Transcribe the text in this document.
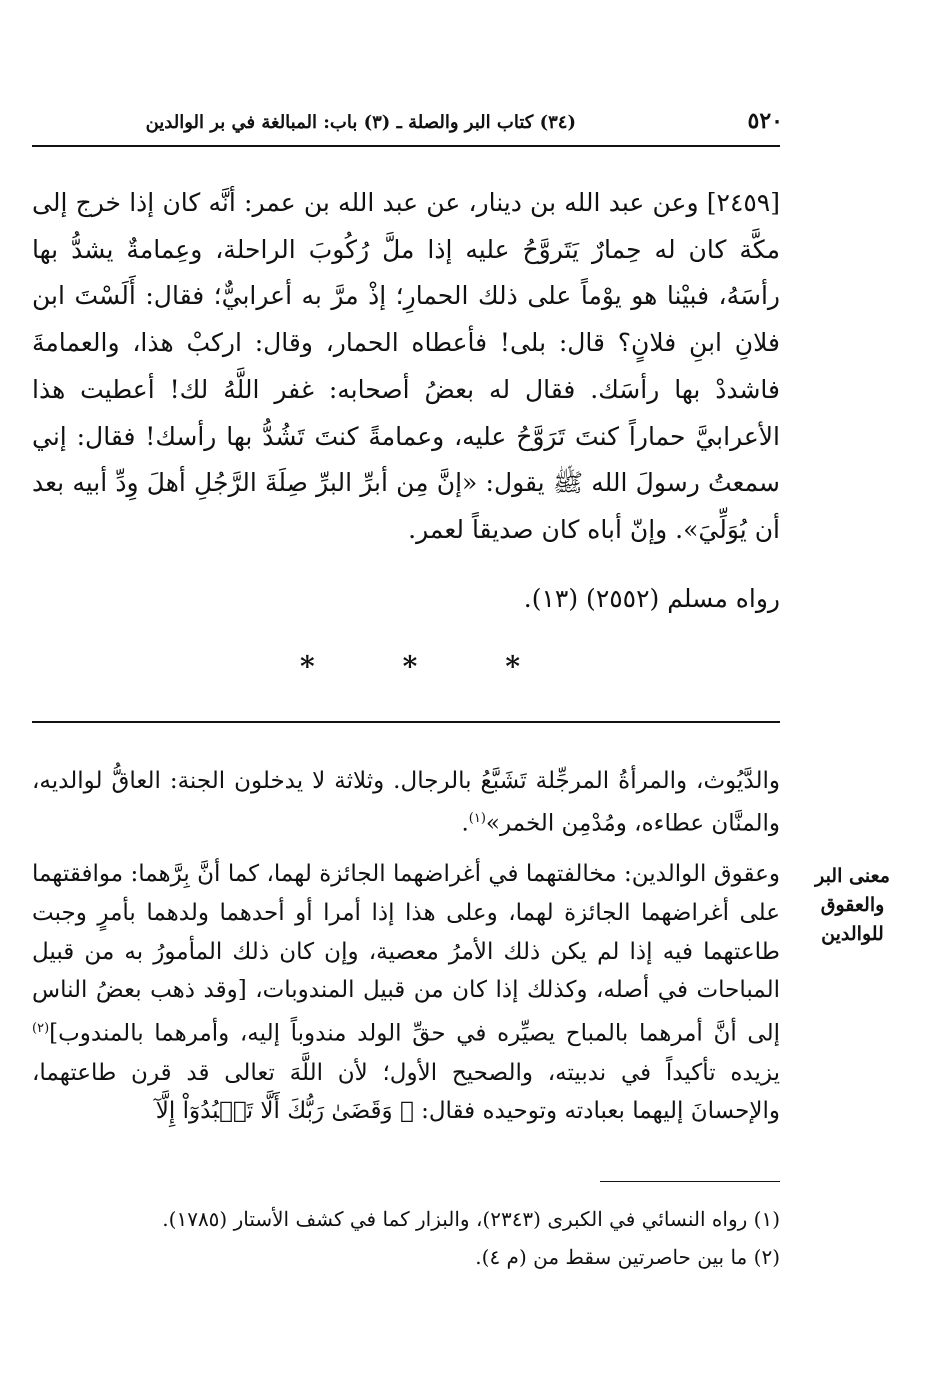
٥٢٠
(٣٤) كتاب البر والصلة ـ (٣) باب: المبالغة في بر الوالدين
[٢٤٥٩] وعن عبد الله بن دينار، عن عبد الله بن عمر: أنَّه كان إذا خرج إلى مكَّة كان له حِمارٌ يَتَروَّحُ عليه إذا ملَّ رُكُوبَ الراحلة، وعِمامةٌ يشدُّ بها رأسَهُ، فبيْنا هو يوْماً على ذلك الحمارِ؛ إذْ مرَّ به أعرابيٌّ؛ فقال: أَلَسْتَ ابن فلانِ ابنِ فلانٍ؟ قال: بلى! فأعطاه الحمار، وقال: اركبْ هذا، والعمامةَ فاشددْ بها رأسَك. فقال له بعضُ أصحابه: غفر اللَّهُ لك! أعطيت هذا الأعرابيَّ حماراً كنتَ تَرَوَّحُ عليه، وعمامةً كنتَ تَشُدُّ بها رأسك! فقال: إني سمعتُ رسولَ الله ﷺ يقول: «إنَّ مِن أبرِّ البرِّ صِلَةَ الرَّجُلِ أهلَ وِدِّ أبيه بعد أن يُوَلِّيَ». وإنّ أباه كان صديقاً لعمر.
رواه مسلم (٢٥٥٢) (١٣).
*	*	*
والدَّيُوث، والمرأةُ المرجِّلة تَشَبَّعُ بالرجال. وثلاثة لا يدخلون الجنة: العاقُّ لوالديه، والمنَّان عطاءه، ومُدْمِن الخمر»$^{(١)}$.
معنى البر والعقوق للوالدين
وعقوق الوالدين: مخالفتهما في أغراضهما الجائزة لهما، كما أنَّ بِرَّهما: موافقتهما على أغراضهما الجائزة لهما، وعلى هذا إذا أمرا أو أحدهما ولدهما بأمرٍ وجبت طاعتهما فيه إذا لم يكن ذلك الأمرُ معصية، وإن كان ذلك المأمورُ به من قبيل المباحات في أصله، وكذلك إذا كان من قبيل المندوبات، [وقد ذهب بعضُ الناس إلى أنَّ أمرهما بالمباح يصيِّره في حقِّ الولد مندوباً إليه، وأمرهما بالمندوب]$^{(٢)}$ يزيده تأكيداً في ندبيته، والصحيح الأول؛ لأن اللَّهَ تعالى قد قرن طاعتهما، والإحسانَ إليهما بعبادته وتوحيده فقال: ﴿ وَقَضَىٰ رَبُّكَ أَلَّا تَعۡبُدُوٓاْ إِلَّآ
(١) رواه النسائي في الكبرى (٢٣٤٣)، والبزار كما في كشف الأستار (١٧٨٥).
(٢) ما بين حاصرتين سقط من (م ٤).
